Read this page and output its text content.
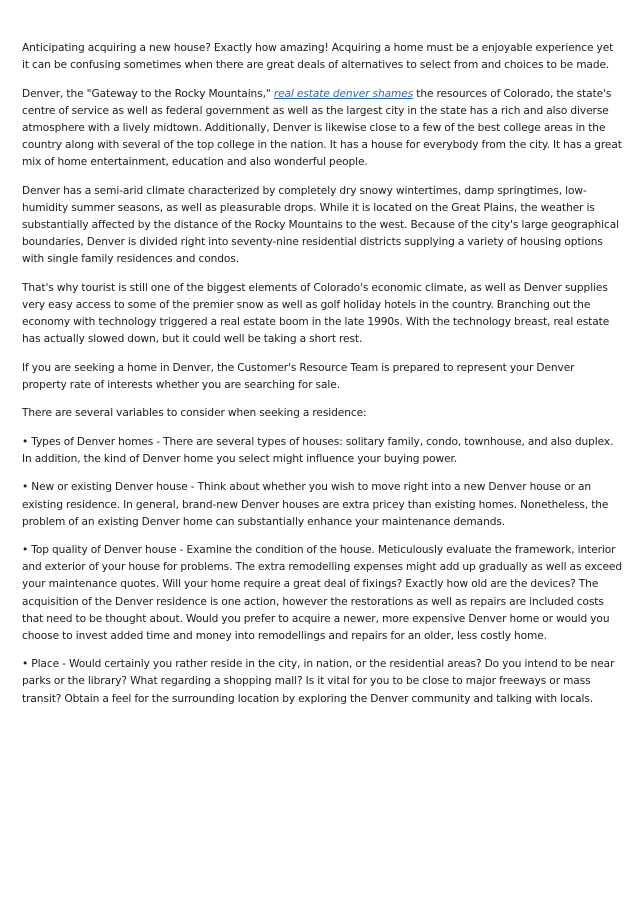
Anticipating acquiring a new house? Exactly how amazing! Acquiring a home must be a enjoyable experience yet it can be confusing sometimes when there are great deals of alternatives to select from and choices to be made.

Denver, the "Gateway to the Rocky Mountains," real estate denver shames the resources of Colorado, the state's centre of service as well as federal government as well as the largest city in the state has a rich and also diverse atmosphere with a lively midtown. Additionally, Denver is likewise close to a few of the best college areas in the country along with several of the top college in the nation. It has a house for everybody from the city. It has a great mix of home entertainment, education and also wonderful people.

Denver has a semi-arid climate characterized by completely dry snowy wintertimes, damp springtimes, low-humidity summer seasons, as well as pleasurable drops. While it is located on the Great Plains, the weather is substantially affected by the distance of the Rocky Mountains to the west. Because of the city's large geographical boundaries, Denver is divided right into seventy-nine residential districts supplying a variety of housing options with single family residences and condos.

That's why tourist is still one of the biggest elements of Colorado's economic climate, as well as Denver supplies very easy access to some of the premier snow as well as golf holiday hotels in the country. Branching out the economy with technology triggered a real estate boom in the late 1990s. With the technology breast, real estate has actually slowed down, but it could well be taking a short rest.

If you are seeking a home in Denver, the Customer's Resource Team is prepared to represent your Denver property rate of interests whether you are searching for sale.

There are several variables to consider when seeking a residence:

• Types of Denver homes - There are several types of houses: solitary family, condo, townhouse, and also duplex. In addition, the kind of Denver home you select might influence your buying power.

• New or existing Denver house - Think about whether you wish to move right into a new Denver house or an existing residence. In general, brand-new Denver houses are extra pricey than existing homes. Nonetheless, the problem of an existing Denver home can substantially enhance your maintenance demands.

• Top quality of Denver house - Examine the condition of the house. Meticulously evaluate the framework, interior and exterior of your house for problems. The extra remodelling expenses might add up gradually as well as exceed your maintenance quotes. Will your home require a great deal of fixings? Exactly how old are the devices? The acquisition of the Denver residence is one action, however the restorations as well as repairs are included costs that need to be thought about. Would you prefer to acquire a newer, more expensive Denver home or would you choose to invest added time and money into remodellings and repairs for an older, less costly home.

• Place - Would certainly you rather reside in the city, in nation, or the residential areas? Do you intend to be near parks or the library? What regarding a shopping mall? Is it vital for you to be close to major freeways or mass transit? Obtain a feel for the surrounding location by exploring the Denver community and talking with locals.
